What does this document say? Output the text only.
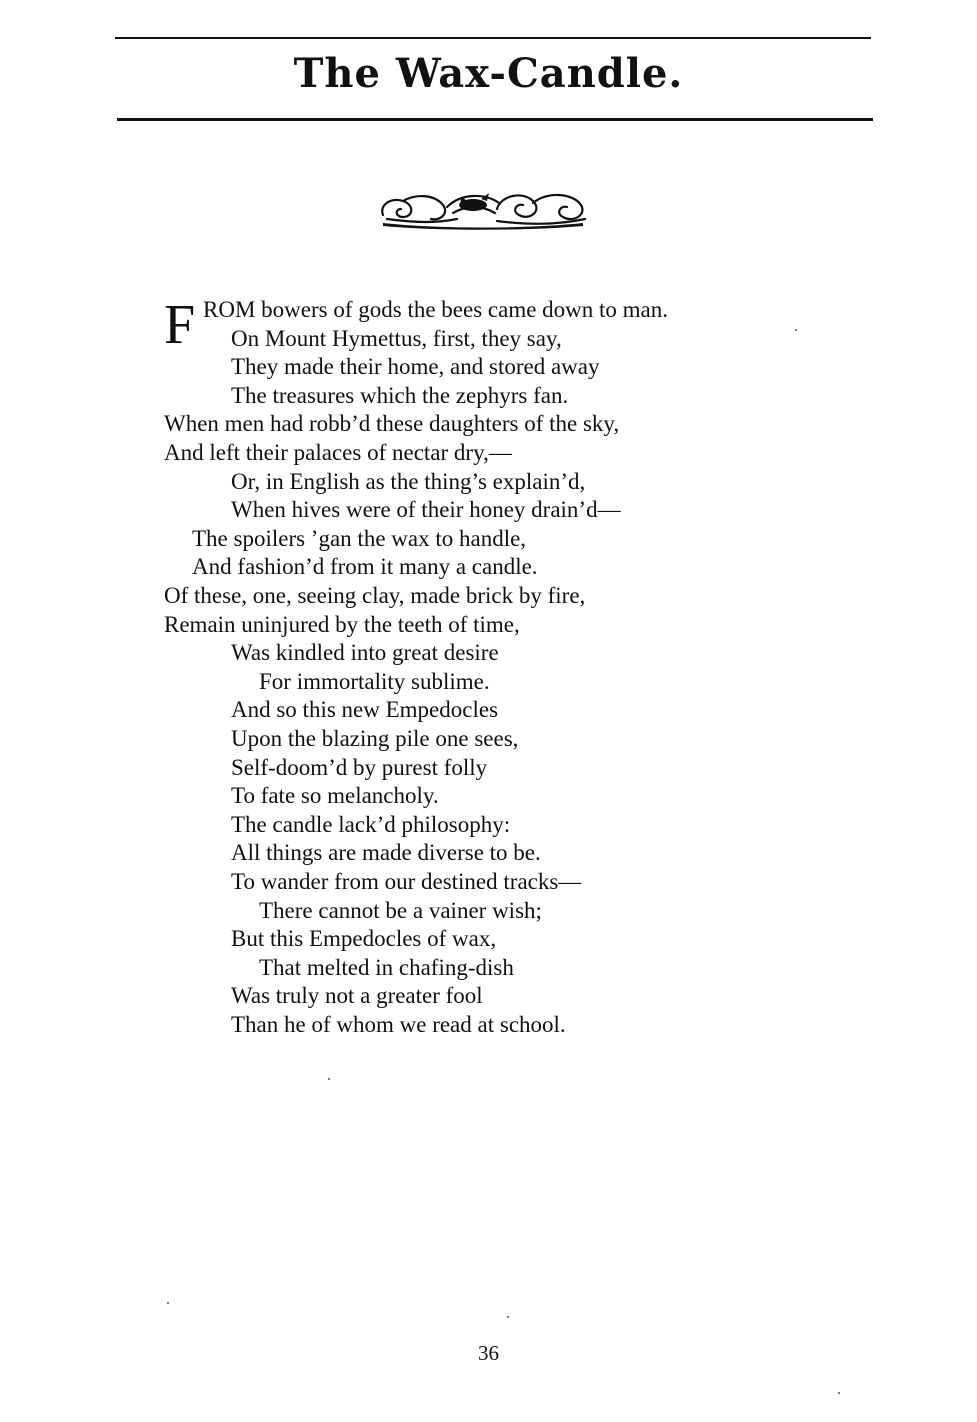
The Wax-Candle.
F ROM bowers of gods the bees came down to man.
On Mount Hymettus, first, they say,
They made their home, and stored away
The treasures which the zephyrs fan.
When men had robb’d these daughters of the sky,
And left their palaces of nectar dry,—
Or, in English as the thing’s explain’d,
When hives were of their honey drain’d—
The spoilers ’gan the wax to handle,
And fashion’d from it many a candle.
Of these, one, seeing clay, made brick by fire,
Remain uninjured by the teeth of time,
Was kindled into great desire
For immortality sublime.
And so this new Empedocles
Upon the blazing pile one sees,
Self-doom’d by purest folly
To fate so melancholy.
The candle lack’d philosophy:
All things are made diverse to be.
To wander from our destined tracks—
There cannot be a vainer wish;
But this Empedocles of wax,
That melted in chafing-dish
Was truly not a greater fool
Than he of whom we read at school.
36
